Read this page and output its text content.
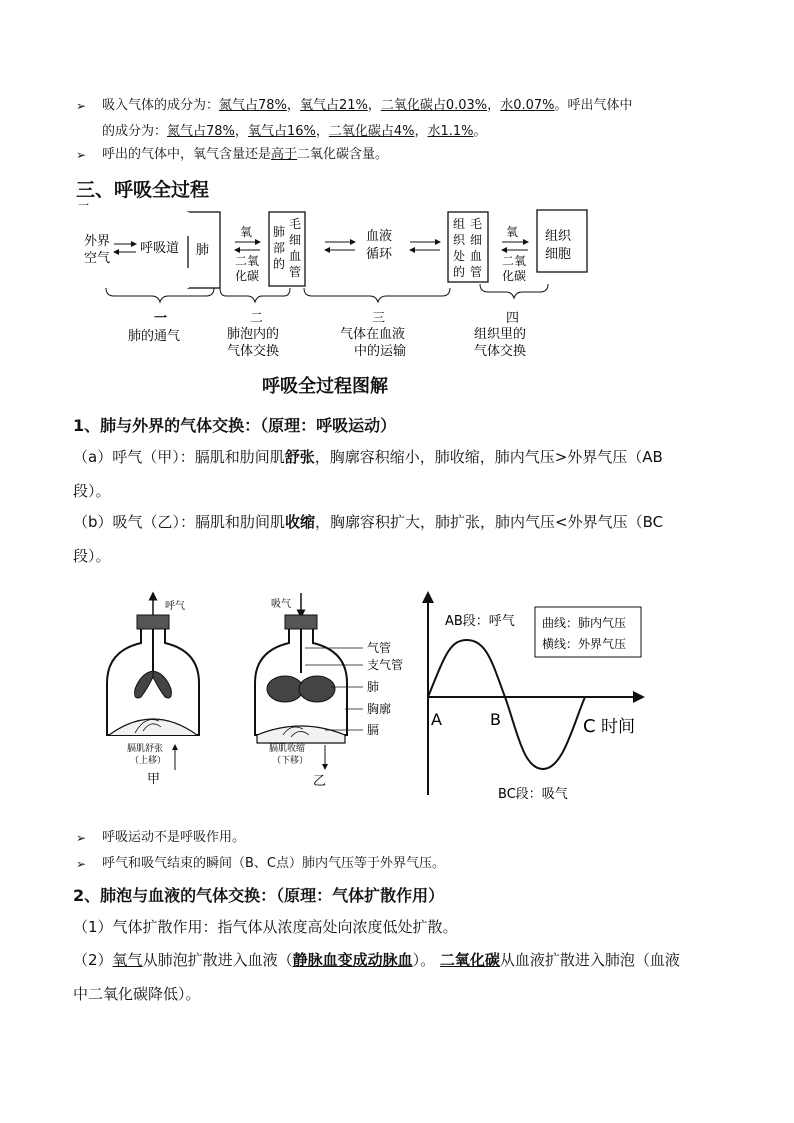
➢ 吸入气体的成分为：氮气占78%，氧气占21%，二氧化碳占0.03%，水0.07%。呼出气体中
的成分为：氮气占78%，氧气占16%，二氧化碳占4%，水1.1%。
➢ 呼出的气体中，氧气含量还是高于二氧化碳含量。
三、呼吸全过程
一
外界
空气
呼吸道 肺
氧
二氧
化碳
毛
细
血
管
肺
部
的
血液
循环
组
织
处
的
毛
细
血
管
氧
二氧
化碳
组织
细胞
一
肺的通气
二
肺泡内的
气体交换
三
气体在血液
中的运输
四
组织里的
气体交换
呼吸全过程图解
1、肺与外界的气体交换：（原理：呼吸运动）
（a）呼气（甲）：膈肌和肋间肌舒张，胸廓容积缩小，肺收缩，肺内气压>外界气压（AB
段）。
（b）吸气（乙）：膈肌和肋间肌收缩，胸廓容积扩大，肺扩张，肺内气压<外界气压（BC
段）。
呼气
膈肌舒张
（上移）
甲
吸气
膈肌收缩
（下移）
乙
气管
支气管
肺
胸廓
膈
AB段：呼气 曲线：肺内气压
横线：外界气压
A	B	C 时间
BC段：吸气
➢ 呼吸运动不是呼吸作用。
➢ 呼气和吸气结束的瞬间（B、C点）肺内气压等于外界气压。
2、肺泡与血液的气体交换：（原理：气体扩散作用）
（1）气体扩散作用：指气体从浓度高处向浓度低处扩散。
（2）氧气从肺泡扩散进入血液（静脉血变成动脉血）。 二氧化碳从血液扩散进入肺泡（血液
中二氧化碳降低）。
